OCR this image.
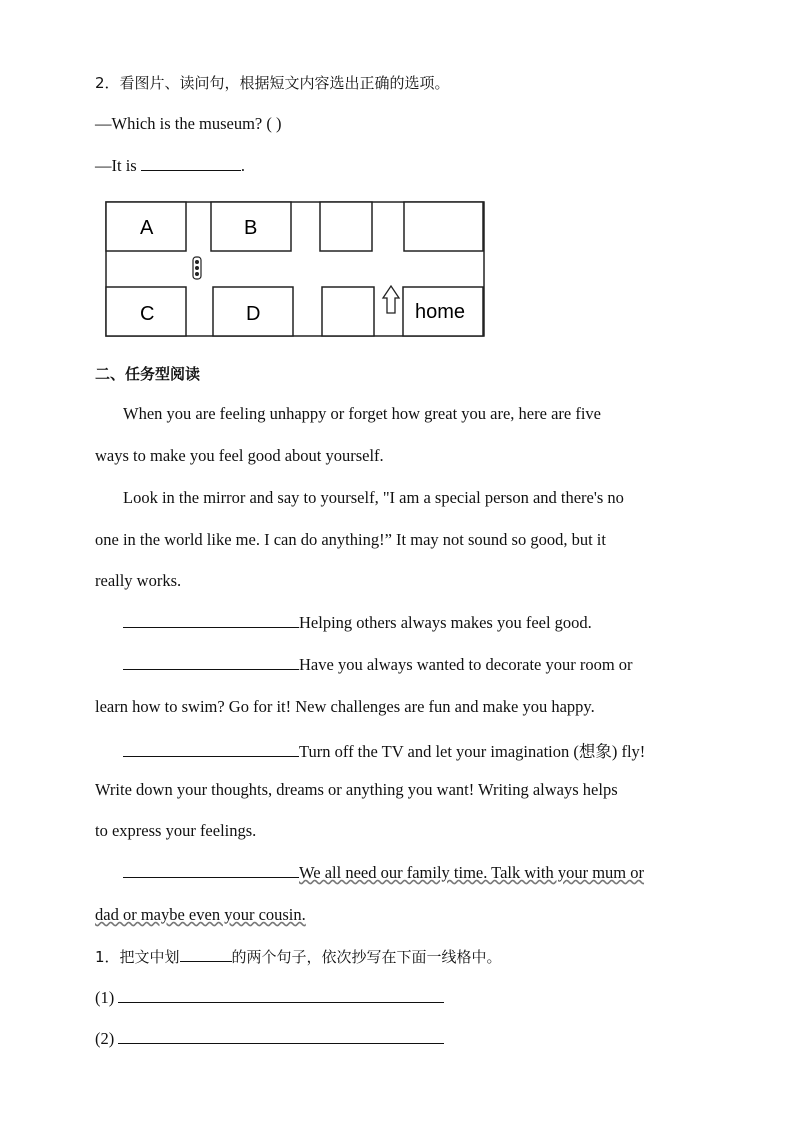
2．看图片、读问句，根据短文内容选出正确的选项。
—Which is the museum? ( )
—It is	.
A	B
C	D	home
二、任务型阅读
When you are feeling unhappy or forget how great you are, here are five
ways to make you feel good about yourself.
Look in the mirror and say to yourself, "I am a special person and there's no
one in the world like me. I can do anything!” It may not sound so good, but it
really works.
Helping others always makes you feel good.
Have you always wanted to decorate your room or
learn how to swim? Go for it! New challenges are fun and make you happy.
Turn off the TV and let your imagination (想象) fly!
Write down your thoughts, dreams or anything you want! Writing always helps
to express your feelings.
We all need our family time. Talk with your mum or
dad or maybe even your cousin.
1．把文中划	的两个句子，依次抄写在下面一线格中。
(1)
(2)
